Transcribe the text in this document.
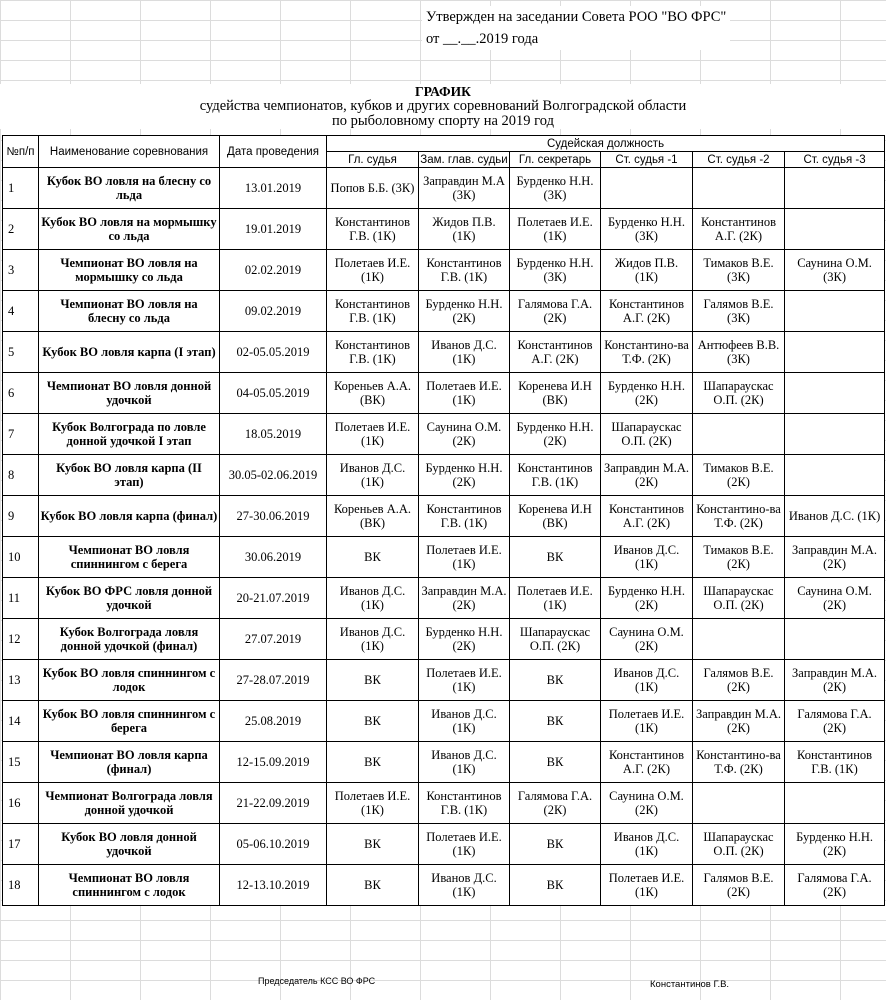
Утвержден на заседании Совета РОО "ВО ФРС"
от __.__.2019 года
ГРАФИК
судейства чемпионатов, кубков и других соревнований Волгоградской области
по рыболовному спорту на 2019 год
№п/п	Наименование соревнования	Дата проведения	Судейская должность					
			Гл. судья	Зам. глав. судьи	Гл. секретарь	Ст. судья -1	Ст. судья -2	Ст. судья -3
1	Кубок ВО ловля на блесну со льда	13.01.2019	Попов Б.Б. (3К)	Заправдин М.А (3К)	Бурденко Н.Н. (3К)			
2	Кубок ВО ловля на мормышку со льда	19.01.2019	Константинов Г.В. (1К)	Жидов П.В. (1К)	Полетаев И.Е. (1К)	Бурденко Н.Н. (3К)	Константинов А.Г. (2К)	
3	Чемпионат ВО ловля на мормышку со льда	02.02.2019	Полетаев И.Е. (1К)	Константинов Г.В. (1К)	Бурденко Н.Н. (3К)	Жидов П.В. (1К)	Тимаков В.Е. (3К)	Саунина О.М. (3К)
4	Чемпионат ВО ловля на блесну со льда	09.02.2019	Константинов Г.В. (1К)	Бурденко Н.Н. (2К)	Галямова Г.А. (2К)	Константинов А.Г. (2К)	Галямов В.Е. (3К)	
5	Кубок ВО ловля карпа (I этап)	02-05.05.2019	Константинов Г.В. (1К)	Иванов Д.С. (1К)	Константинов А.Г. (2К)	Константино-ва Т.Ф. (2К)	Антюфеев В.В. (3К)	
6	Чемпионат ВО ловля донной удочкой	04-05.05.2019	Кореньев А.А. (ВК)	Полетаев И.Е. (1К)	Коренева И.Н (ВК)	Бурденко Н.Н. (2К)	Шапараускас О.П. (2К)	
7	Кубок Волгограда по ловле донной удочкой I этап	18.05.2019	Полетаев И.Е. (1К)	Саунина О.М. (2К)	Бурденко Н.Н. (2К)	Шапараускас О.П. (2К)		
8	Кубок ВО ловля карпа (II этап)	30.05-02.06.2019	Иванов Д.С. (1К)	Бурденко Н.Н. (2К)	Константинов Г.В. (1К)	Заправдин М.А. (2К)	Тимаков В.Е. (2К)	
9	Кубок ВО ловля карпа (финал)	27-30.06.2019	Кореньев А.А. (ВК)	Константинов Г.В. (1К)	Коренева И.Н (ВК)	Константинов А.Г. (2К)	Константино-ва Т.Ф. (2К)	Иванов Д.С. (1К)
10	Чемпионат ВО ловля спиннингом с берега	30.06.2019	ВК	Полетаев И.Е. (1К)	ВК	Иванов Д.С. (1К)	Тимаков В.Е. (2К)	Заправдин М.А. (2К)
11	Кубок ВО ФРС ловля донной удочкой	20-21.07.2019	Иванов Д.С. (1К)	Заправдин М.А. (2К)	Полетаев И.Е. (1К)	Бурденко Н.Н. (2К)	Шапараускас О.П. (2К)	Саунина О.М. (2К)
12	Кубок Волгограда ловля донной удочкой (финал)	27.07.2019	Иванов Д.С. (1К)	Бурденко Н.Н. (2К)	Шапараускас О.П. (2К)	Саунина О.М. (2К)		
13	Кубок ВО ловля спиннингом с лодок	27-28.07.2019	ВК	Полетаев И.Е. (1К)	ВК	Иванов Д.С. (1К)	Галямов В.Е. (2К)	Заправдин М.А. (2К)
14	Кубок ВО ловля спиннингом с берега	25.08.2019	ВК	Иванов Д.С. (1К)	ВК	Полетаев И.Е. (1К)	Заправдин М.А. (2К)	Галямова Г.А. (2К)
15	Чемпионат ВО ловля карпа (финал)	12-15.09.2019	ВК	Иванов Д.С. (1К)	ВК	Константинов А.Г. (2К)	Константино-ва Т.Ф. (2К)	Константинов Г.В. (1К)
16	Чемпионат Волгограда ловля донной удочкой	21-22.09.2019	Полетаев И.Е. (1К)	Константинов Г.В. (1К)	Галямова Г.А. (2К)	Саунина О.М. (2К)		
17	Кубок ВО ловля донной удочкой	05-06.10.2019	ВК	Полетаев И.Е. (1К)	ВК	Иванов Д.С. (1К)	Шапараускас О.П. (2К)	Бурденко Н.Н. (2К)
18	Чемпионат ВО ловля спиннингом с лодок	12-13.10.2019	ВК	Иванов Д.С. (1К)	ВК	Полетаев И.Е. (1К)	Галямов В.Е. (2К)	Галямова Г.А. (2К)
Председатель КСС ВО ФРС	Константинов Г.В.
